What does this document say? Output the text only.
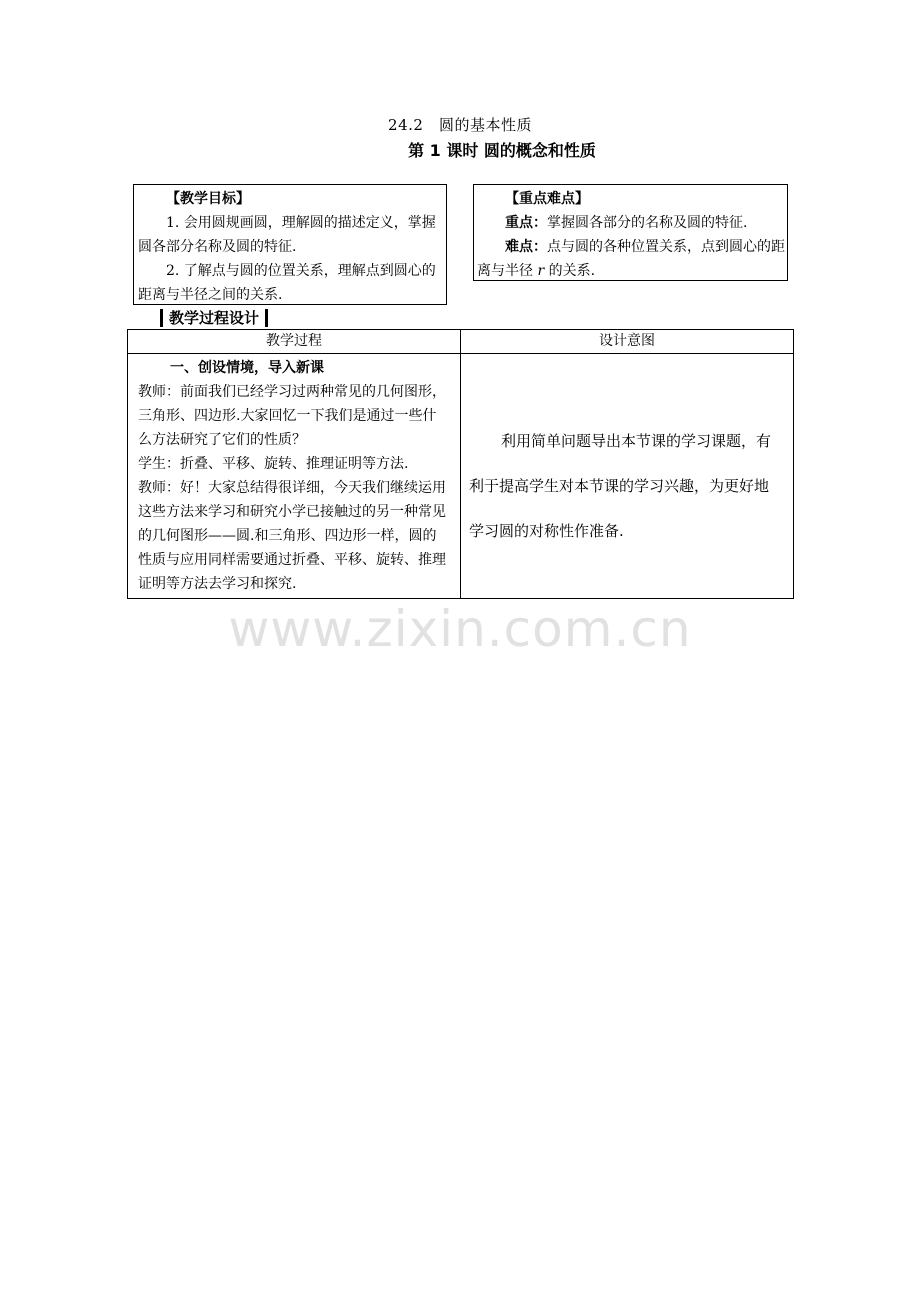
24.2　圆的基本性质
第 1 课时 圆的概念和性质
【教学目标】
1. 会用圆规画圆，理解圆的描述定义，掌握圆各部分名称及圆的特征.
2. 了解点与圆的位置关系，理解点到圆心的距离与半径之间的关系.
【重点难点】
重点：掌握圆各部分的名称及圆的特征.
难点：点与圆的各种位置关系，点到圆心的距离与半径 r 的关系.
教学过程设计
教学过程	设计意图

一、创设情境，导入新课
教师：前面我们已经学习过两种常见的几何图形，三角形、四边形.大家回忆一下我们是通过一些什么方法研究了它们的性质？
学生：折叠、平移、旋转、推理证明等方法.
教师：好！大家总结得很详细，今天我们继续运用这些方法来学习和研究小学已接触过的另一种常见的几何图形——圆.和三角形、四边形一样，圆的性质与应用同样需要通过折叠、平移、旋转、推理证明等方法去学习和探究.	利用简单问题导出本节课的学习课题，有利于提高学生对本节课的学习兴趣，为更好地学习圆的对称性作准备.
www.zixin.com.cn
